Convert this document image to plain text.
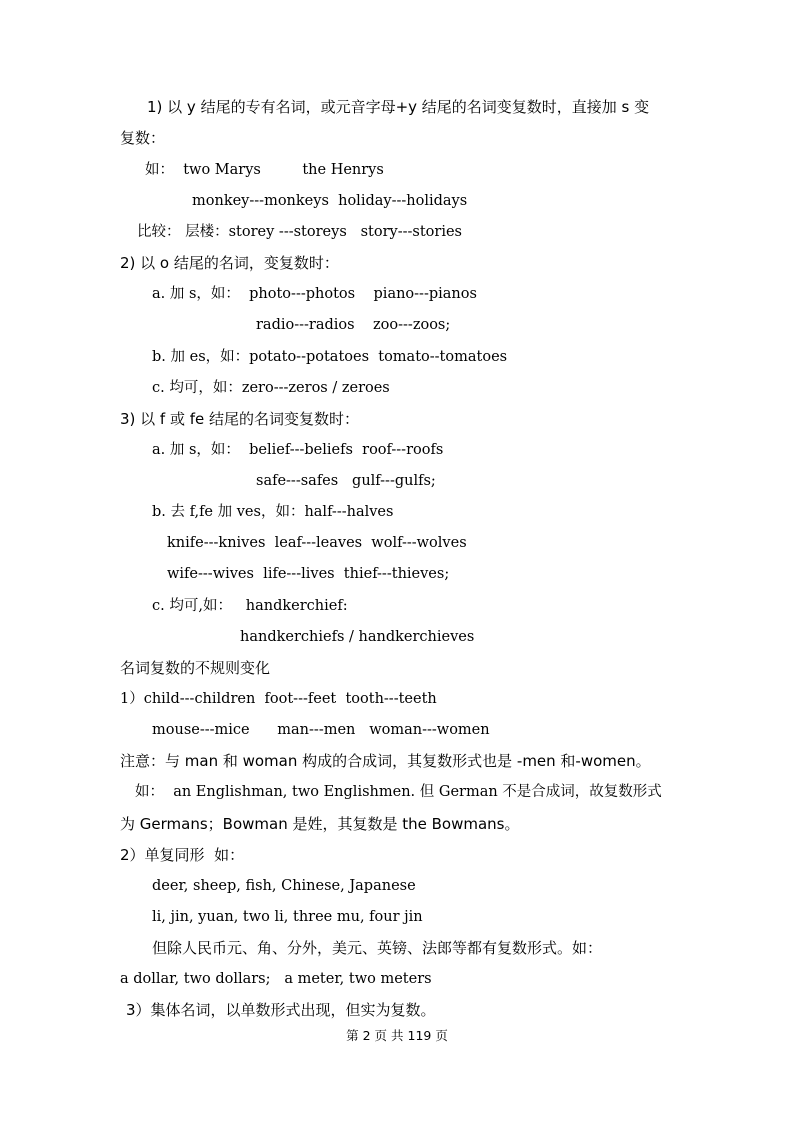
1) 以 y 结尾的专有名词，或元音字母+y 结尾的名词变复数时，直接加 s 变
复数：
如：  two Marys         the Henrys
monkey---monkeys  holiday---holidays
比较： 层楼：storey ---storeys   story---stories
2) 以 o 结尾的名词，变复数时：
a. 加 s，如：  photo---photos    piano---pianos
radio---radios    zoo---zoos;
b. 加 es，如：potato--potatoes  tomato--tomatoes
c. 均可，如：zero---zeros / zeroes
3) 以 f 或 fe 结尾的名词变复数时：
a. 加 s，如：  belief---beliefs  roof---roofs
safe---safes   gulf---gulfs;
b. 去 f,fe 加 ves，如：half---halves
knife---knives  leaf---leaves  wolf---wolves
wife---wives  life---lives  thief---thieves;
c. 均可,如：   handkerchief:
handkerchiefs / handkerchieves
名词复数的不规则变化
1）child---children  foot---feet  tooth---teeth
mouse---mice      man---men   woman---women
注意：与 man 和 woman 构成的合成词，其复数形式也是 -men 和-women。
如：  an Englishman, two Englishmen. 但 German 不是合成词，故复数形式
为 Germans；Bowman 是姓，其复数是 the Bowmans。
2）单复同形  如：
deer, sheep, fish, Chinese, Japanese
li, jin, yuan, two li, three mu, four jin
但除人民币元、角、分外，美元、英镑、法郎等都有复数形式。如：
a dollar, two dollars;   a meter, two meters
3）集体名词，以单数形式出现，但实为复数。
第 2 页 共 119 页
